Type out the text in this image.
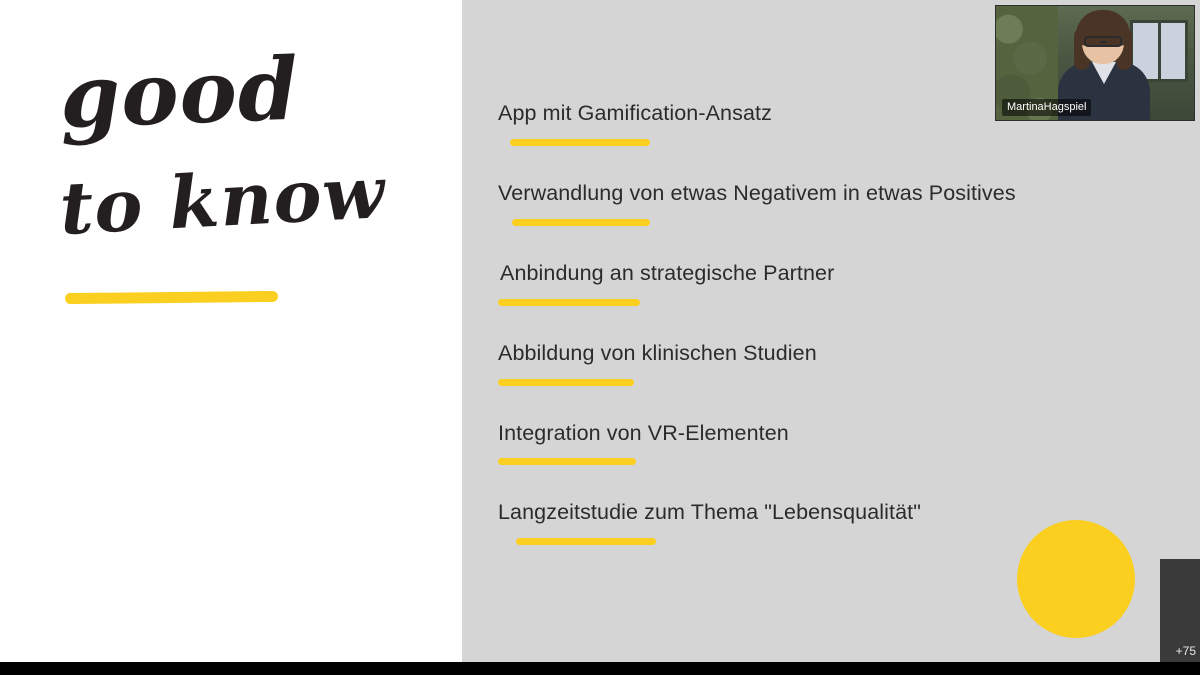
good
to know
App mit Gamification-Ansatz
Verwandlung von etwas Negativem in etwas Positives
Anbindung an strategische Partner
Abbildung von klinischen Studien
Integration von VR-Elementen
Langzeitstudie zum Thema "Lebensqualität"
MartinaHagspiel
+75
